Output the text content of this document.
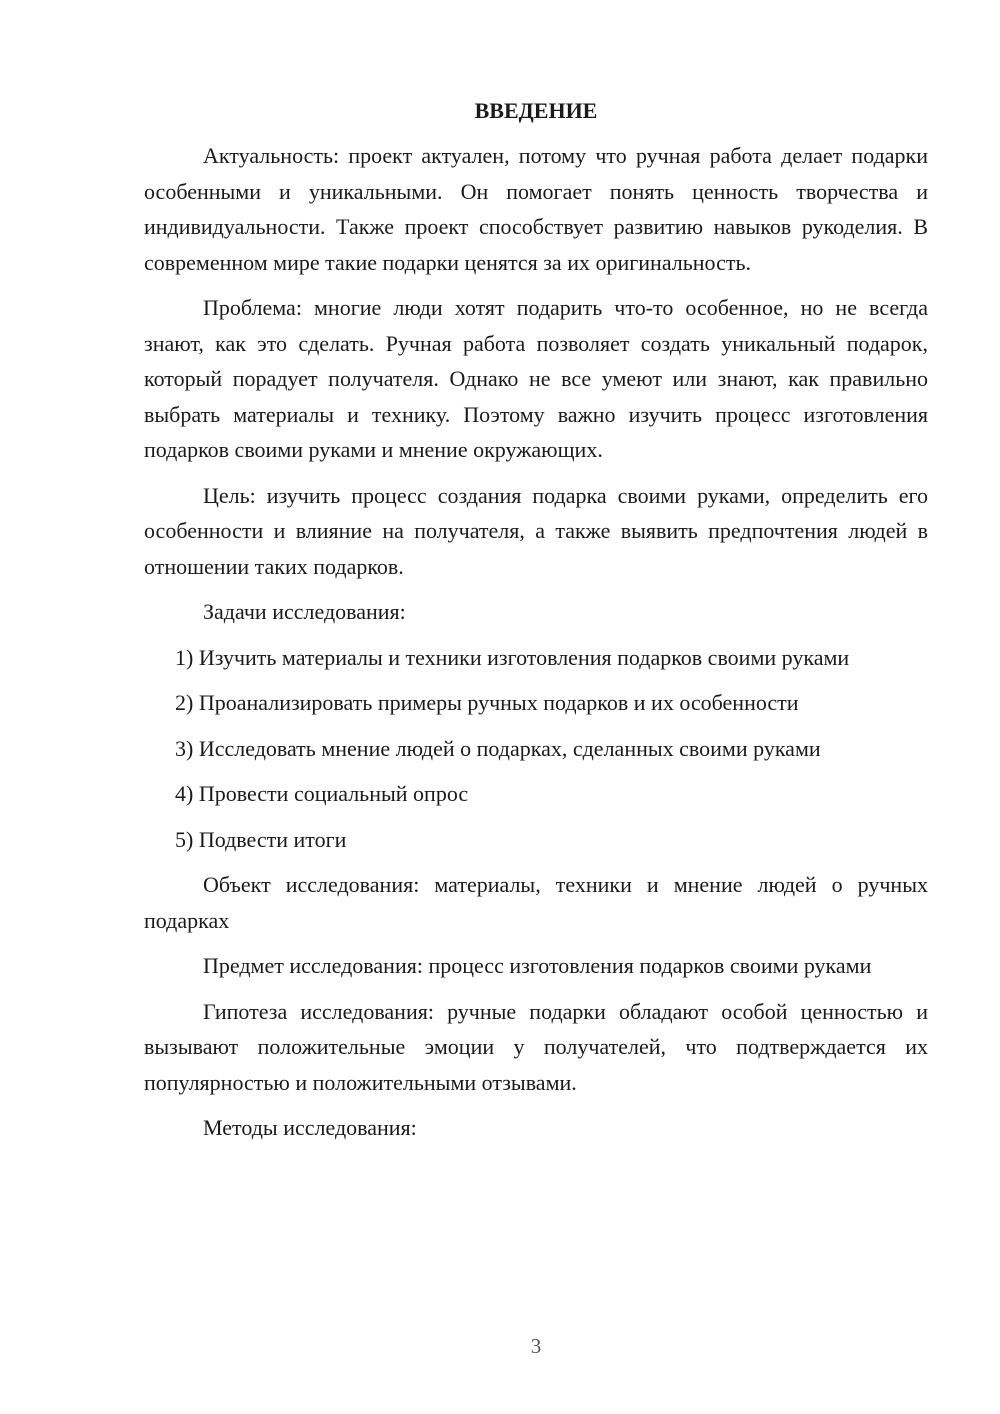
ВВЕДЕНИЕ

Актуальность: проект актуален, потому что ручная работа делает подарки особенными и уникальными. Он помогает понять ценность творчества и индивидуальности. Также проект способствует развитию навыков рукоделия. В современном мире такие подарки ценятся за их оригинальность.

Проблема: многие люди хотят подарить что-то особенное, но не всегда знают, как это сделать. Ручная работа позволяет создать уникальный подарок, который порадует получателя. Однако не все умеют или знают, как правильно выбрать материалы и технику. Поэтому важно изучить процесс изготовления подарков своими руками и мнение окружающих.

Цель: изучить процесс создания подарка своими руками, определить его особенности и влияние на получателя, а также выявить предпочтения людей в отношении таких подарков.

Задачи исследования:

1) Изучить материалы и техники изготовления подарков своими руками

2) Проанализировать примеры ручных подарков и их особенности

3) Исследовать мнение людей о подарках, сделанных своими руками

4) Провести социальный опрос

5) Подвести итоги

Объект исследования: материалы, техники и мнение людей о ручных подарках

Предмет исследования: процесс изготовления подарков своими руками

Гипотеза исследования: ручные подарки обладают особой ценностью и вызывают положительные эмоции у получателей, что подтверждается их популярностью и положительными отзывами.

Методы исследования:

3
